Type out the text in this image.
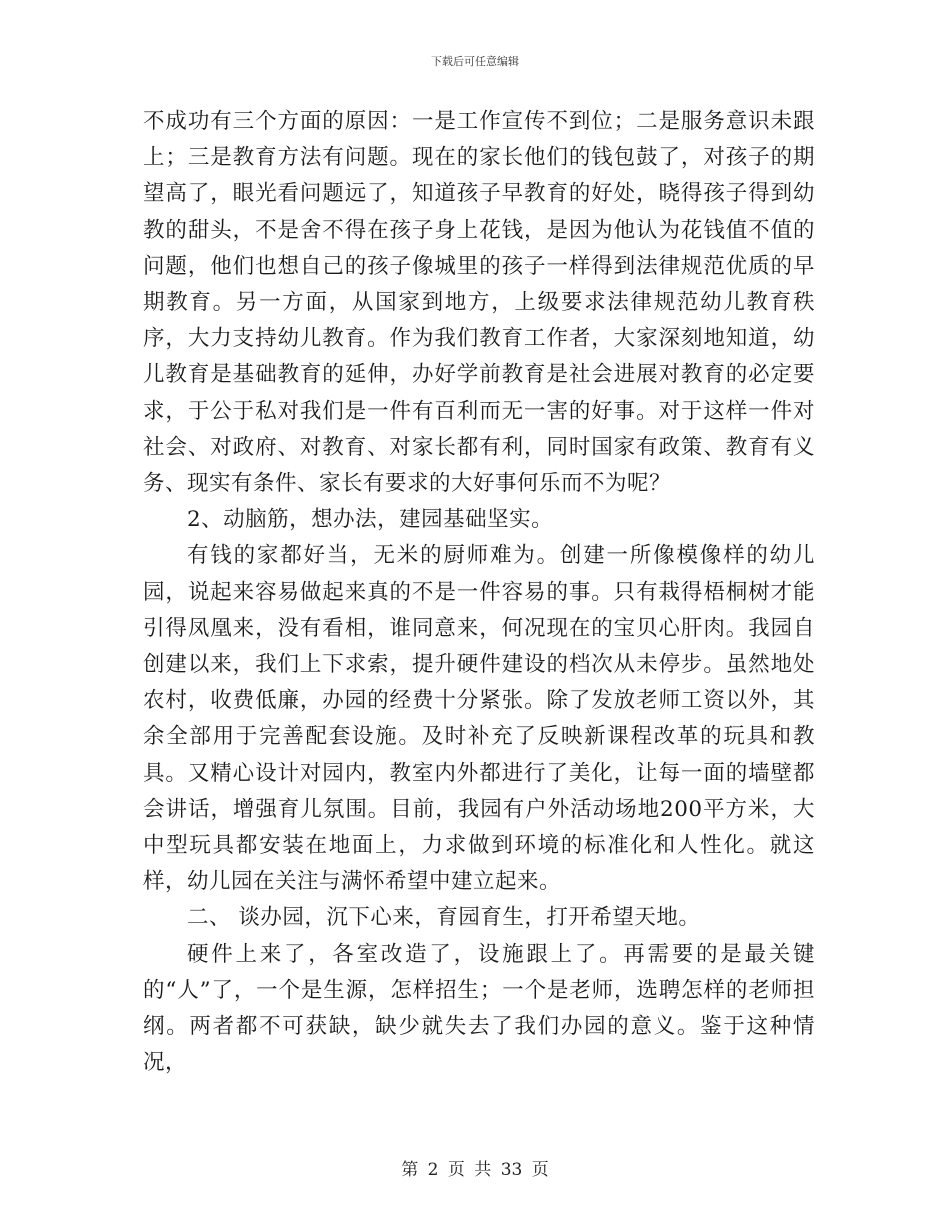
下载后可任意编辑

不成功有三个方面的原因：一是工作宣传不到位；二是服务意识未跟上；三是教育方法有问题。现在的家长他们的钱包鼓了，对孩子的期望高了，眼光看问题远了，知道孩子早教育的好处，晓得孩子得到幼教的甜头，不是舍不得在孩子身上花钱，是因为他认为花钱值不值的问题，他们也想自己的孩子像城里的孩子一样得到法律规范优质的早期教育。另一方面，从国家到地方，上级要求法律规范幼儿教育秩序，大力支持幼儿教育。作为我们教育工作者，大家深刻地知道，幼儿教育是基础教育的延伸，办好学前教育是社会进展对教育的必定要求，于公于私对我们是一件有百利而无一害的好事。对于这样一件对社会、对政府、对教育、对家长都有利，同时国家有政策、教育有义务、现实有条件、家长有要求的大好事何乐而不为呢？

2、动脑筋，想办法，建园基础坚实。

有钱的家都好当，无米的厨师难为。创建一所像模像样的幼儿园，说起来容易做起来真的不是一件容易的事。只有栽得梧桐树才能引得凤凰来，没有看相，谁同意来，何况现在的宝贝心肝肉。我园自创建以来，我们上下求索，提升硬件建设的档次从未停步。虽然地处农村，收费低廉，办园的经费十分紧张。除了发放老师工资以外，其余全部用于完善配套设施。及时补充了反映新课程改革的玩具和教具。又精心设计对园内，教室内外都进行了美化，让每一面的墙壁都会讲话，增强育儿氛围。目前，我园有户外活动场地200平方米，大中型玩具都安装在地面上，力求做到环境的标准化和人性化。就这样，幼儿园在关注与满怀希望中建立起来。

二、 谈办园，沉下心来，育园育生，打开希望天地。

硬件上来了，各室改造了，设施跟上了。再需要的是最关键的“人”了，一个是生源，怎样招生；一个是老师，选聘怎样的老师担纲。两者都不可获缺，缺少就失去了我们办园的意义。鉴于这种情况，

第 2 页 共 33 页
